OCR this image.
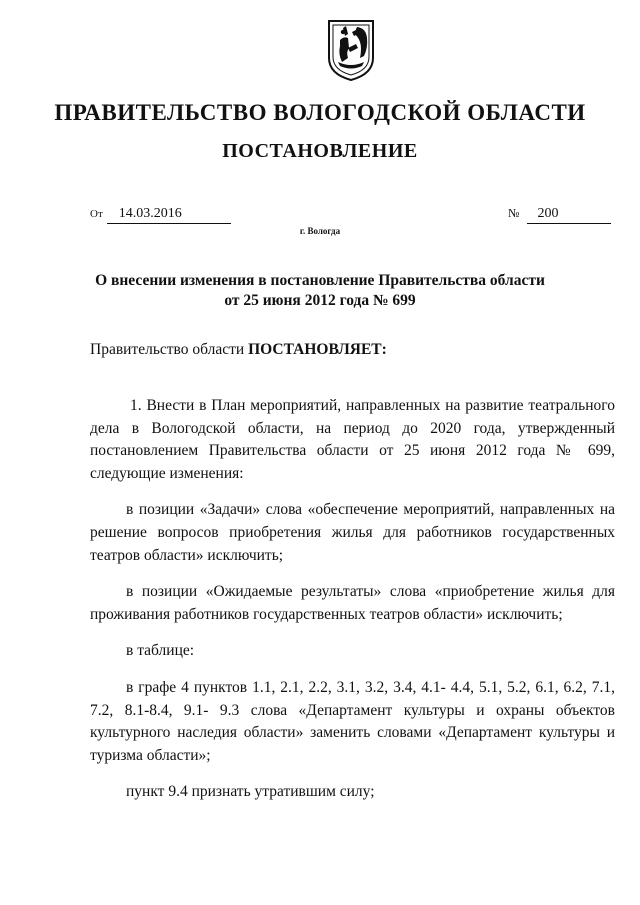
ПРАВИТЕЛЬСТВО ВОЛОГОДСКОЙ ОБЛАСТИ
ПОСТАНОВЛЕНИЕ
От 14.03.2016	№ 200
г. Вологда
О внесении изменения в постановление Правительства области
от 25 июня 2012 года № 699
Правительство области ПОСТАНОВЛЯЕТ:

1. Внести в План мероприятий, направленных на развитие театрального дела в Вологодской области, на период до 2020 года, утвержденный постановлением Правительства области от 25 июня 2012 года № 699, следующие изменения:

в позиции «Задачи» слова «обеспечение мероприятий, направленных на решение вопросов приобретения жилья для работников государственных театров области» исключить;

в позиции «Ожидаемые результаты» слова «приобретение жилья для проживания работников государственных театров области» исключить;

в таблице:

в графе 4 пунктов 1.1, 2.1, 2.2, 3.1, 3.2, 3.4, 4.1- 4.4, 5.1, 5.2, 6.1, 6.2, 7.1, 7.2, 8.1-8.4, 9.1- 9.3 слова «Департамент культуры и охраны объектов культурного наследия области» заменить словами «Департамент культуры и туризма области»;

пункт 9.4 признать утратившим силу;
